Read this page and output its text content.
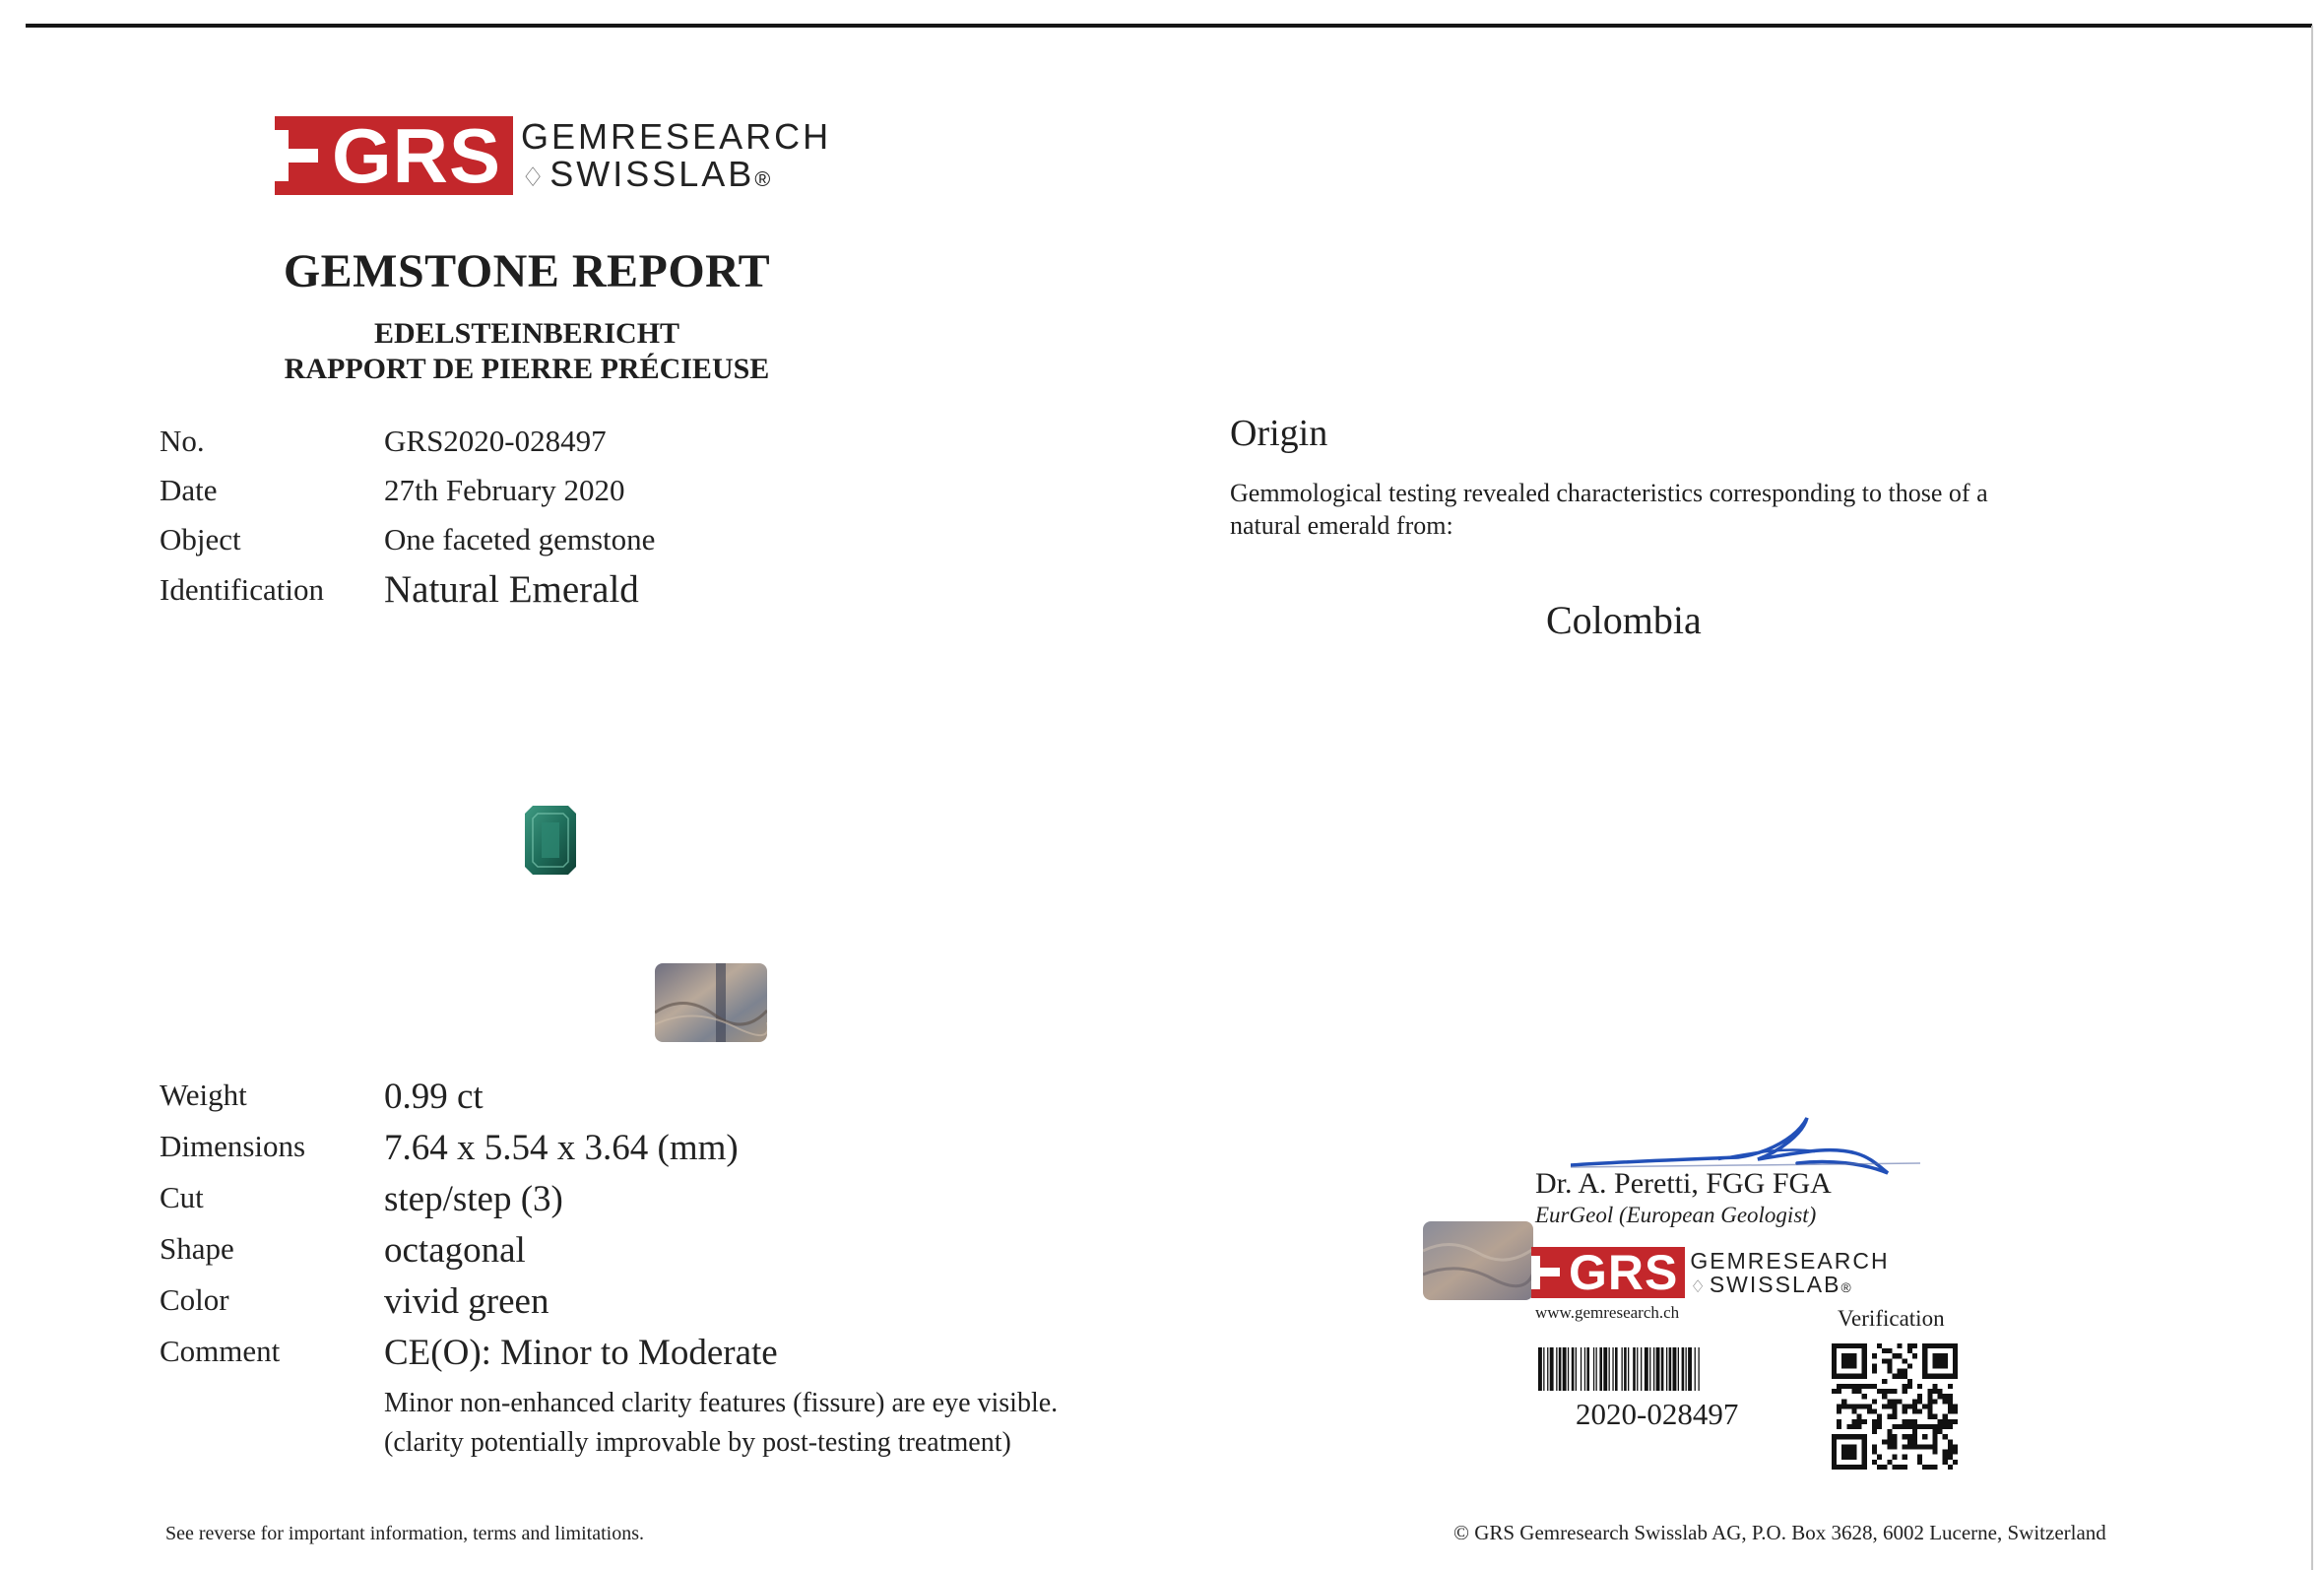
GRS GEMRESEARCH
♢SWISSLAB®
GEMSTONE REPORT
EDELSTEINBERICHT
RAPPORT DE PIERRE PRÉCIEUSE
No.	GRS2020-028497
Date	27th February 2020
Object	One faceted gemstone
Identification Natural Emerald
Weight	0.99 ct
Dimensions 7.64 x 5.54 x 3.64 (mm)
Cut	step/step (3)
Shape	octagonal
Color	vivid green
Comment	CE(O): Minor to Moderate
Minor non-enhanced clarity features (fissure) are eye visible.
(clarity potentially improvable by post-testing treatment)
Origin
Gemmological testing revealed characteristics corresponding to those of a natural emerald from:
Colombia
Dr. A. Peretti, FGG FGA
EurGeol (European Geologist)
GRS GEMRESEARCH
♢SWISSLAB®
www.gemresearch.ch	Verification
2020-028497
See reverse for important information, terms and limitations.	© GRS Gemresearch Swisslab AG, P.O. Box 3628, 6002 Lucerne, Switzerland
